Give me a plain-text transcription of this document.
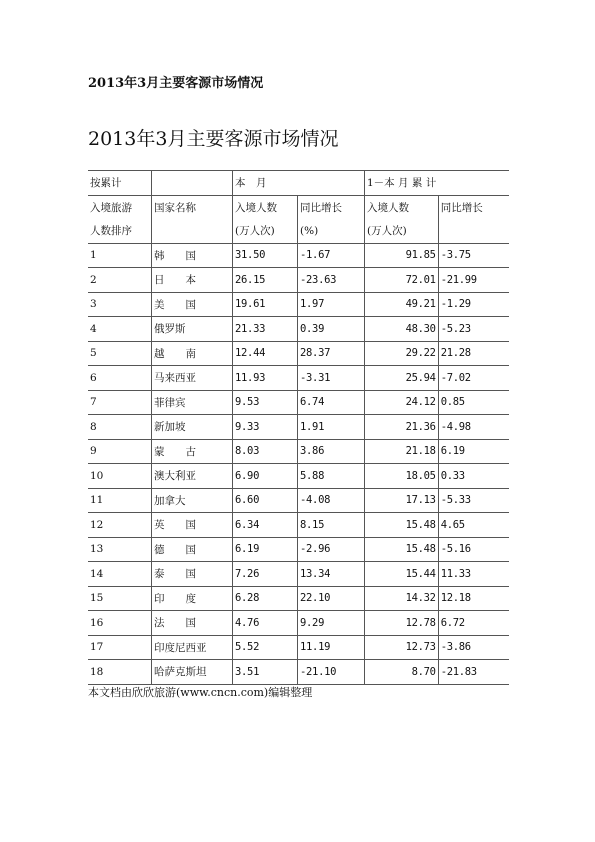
2013年3月主要客源市场情况

2013年3月主要客源市场情况

按累计		本　月		1－本 月 累 计	
入境旅游	国家名称	入境人数	同比增长	入境人数	同比增长
人数排序		(万人次)	(%)	(万人次)	
1	韩　　国	31.50	-1.67	91.85	-3.75
2	日　　本	26.15	-23.63	72.01	-21.99
3	美　　国	19.61	1.97	49.21	-1.29
4	俄罗斯	21.33	0.39	48.30	-5.23
5	越　　南	12.44	28.37	29.22	21.28
6	马来西亚	11.93	-3.31	25.94	-7.02
7	菲律宾	9.53	6.74	24.12	0.85
8	新加坡	9.33	1.91	21.36	-4.98
9	蒙　　古	8.03	3.86	21.18	6.19
10	澳大利亚	6.90	5.88	18.05	0.33
11	加拿大	6.60	-4.08	17.13	-5.33
12	英　　国	6.34	8.15	15.48	4.65
13	德　　国	6.19	-2.96	15.48	-5.16
14	泰　　国	7.26	13.34	15.44	11.33
15	印　　度	6.28	22.10	14.32	12.18
16	法　　国	4.76	9.29	12.78	6.72
17	印度尼西亚	5.52	11.19	12.73	-3.86
18	哈萨克斯坦	3.51	-21.10	8.70	-21.83

本文档由欣欣旅游(www.cncn.com)编辑整理
